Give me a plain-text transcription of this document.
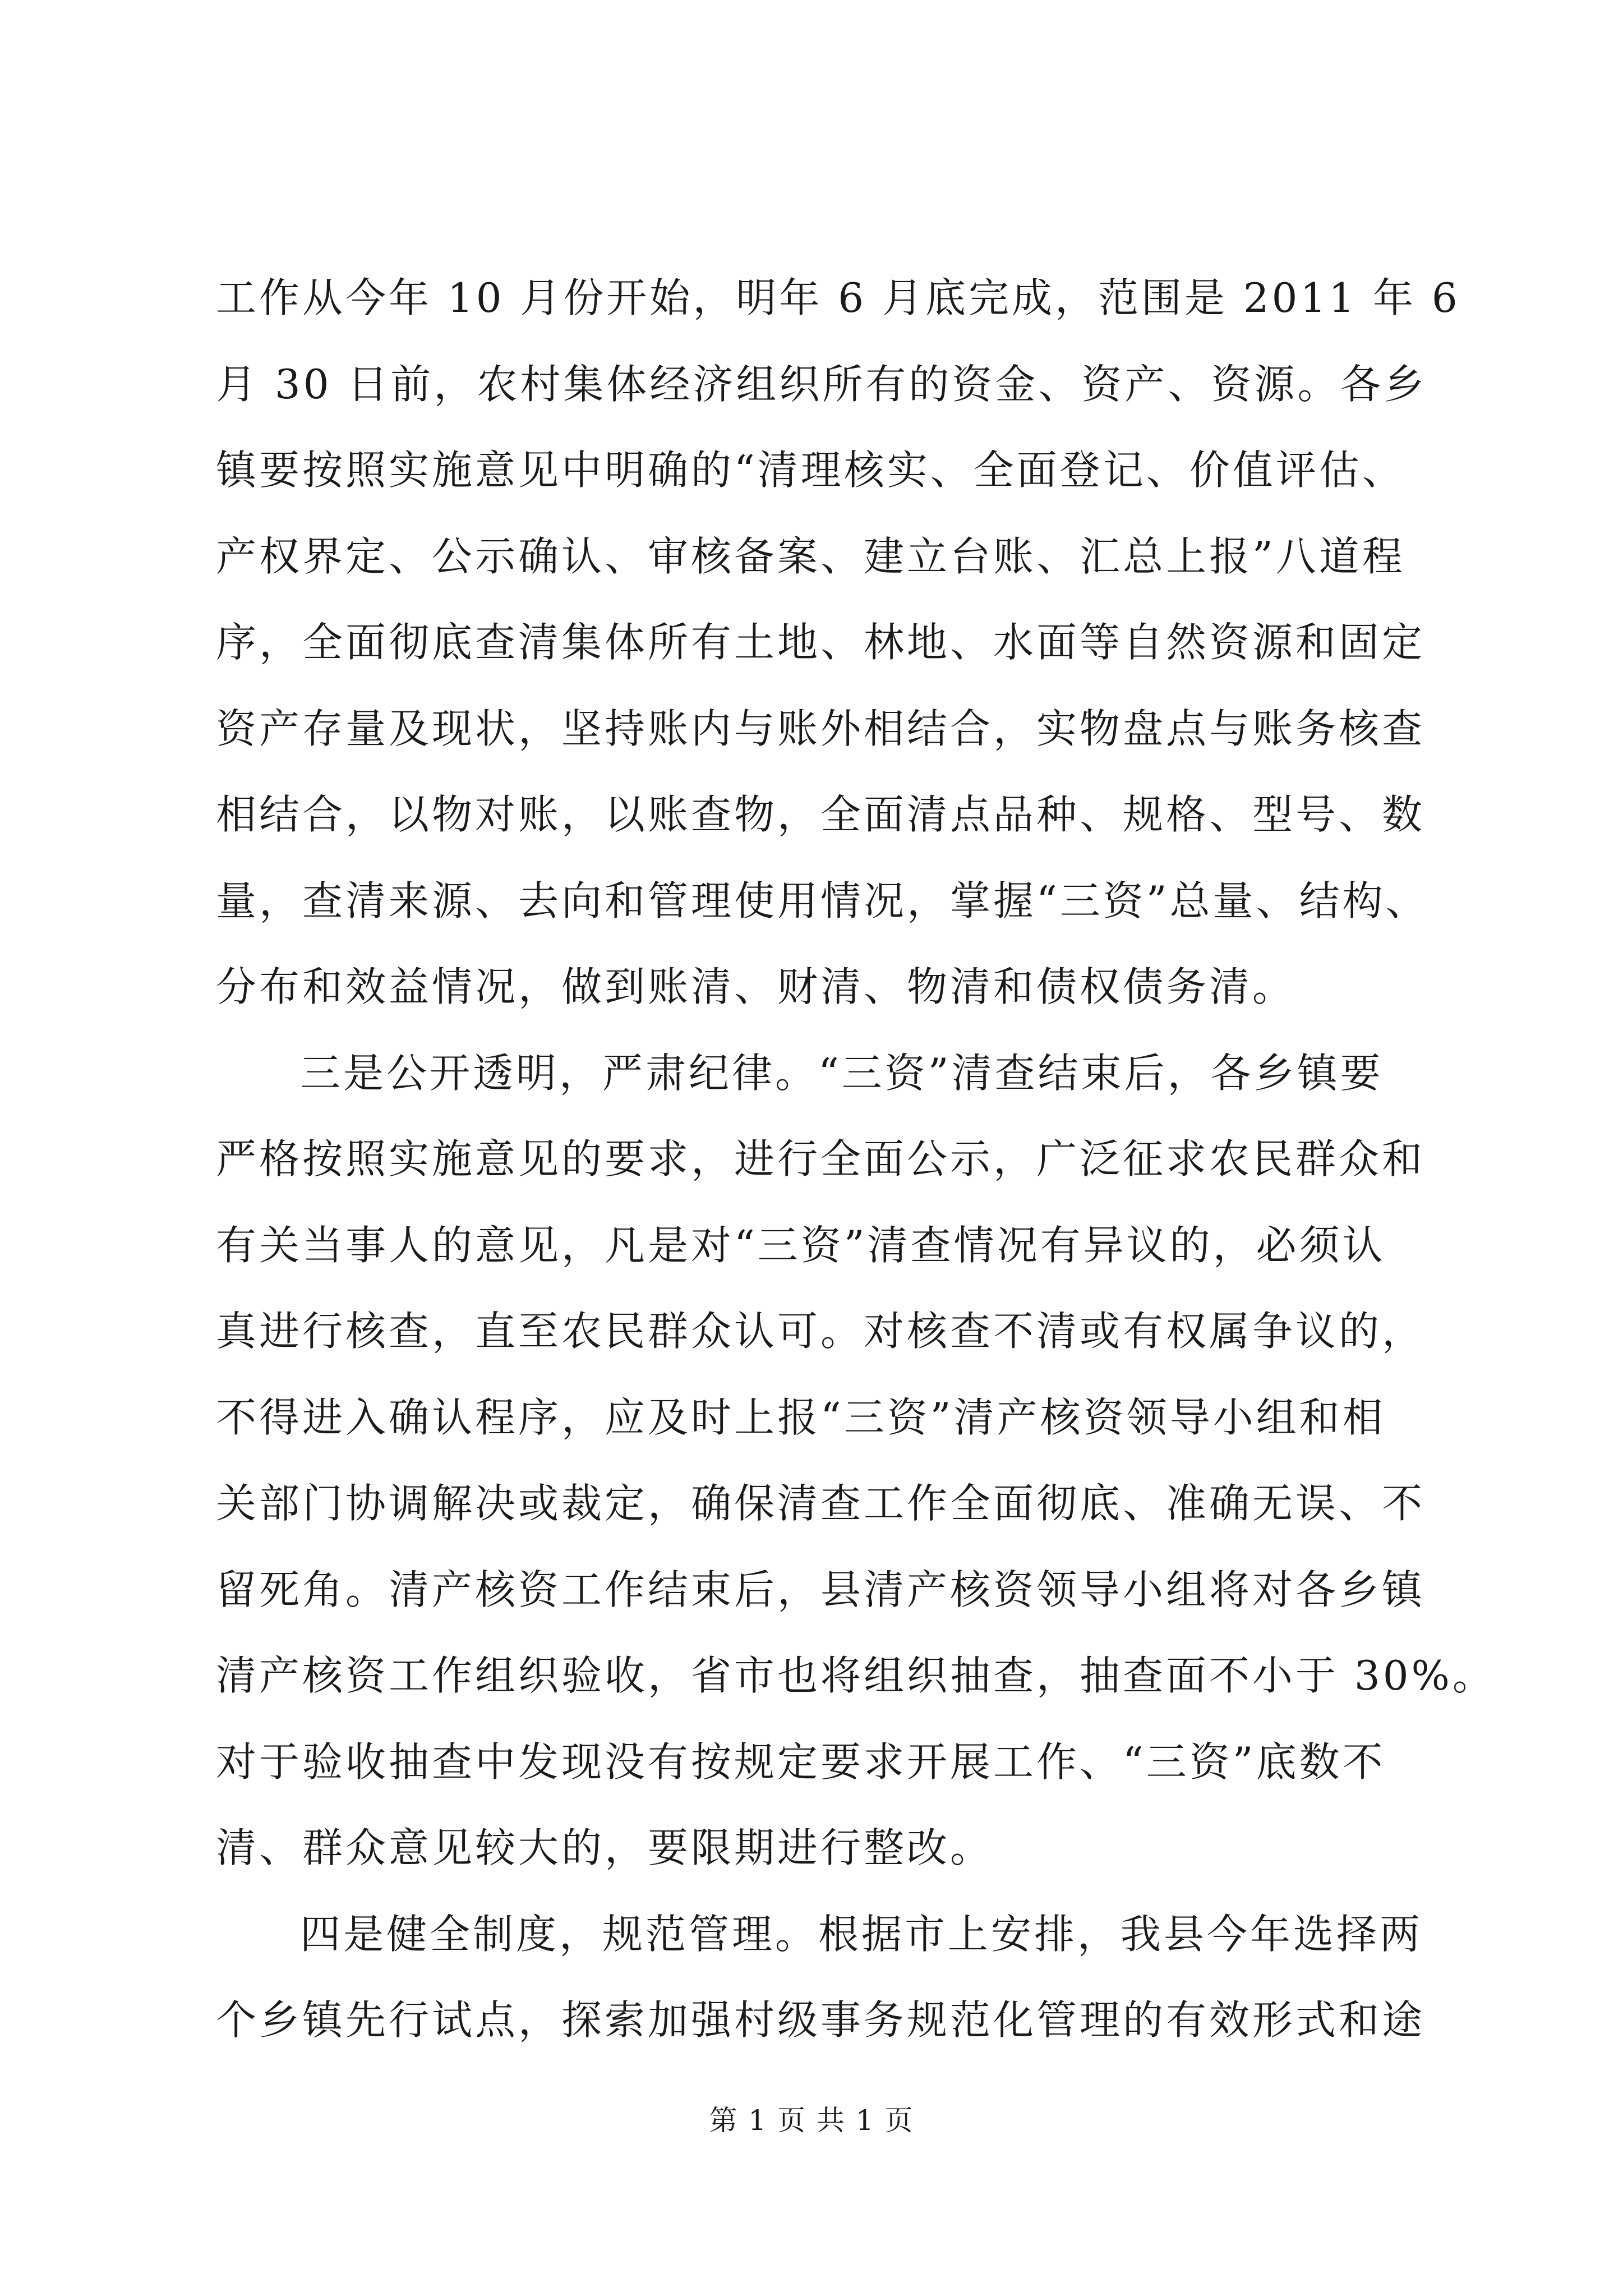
工作从今年 10 月份开始，明年 6 月底完成，范围是 2011 年 6
月 30 日前，农村集体经济组织所有的资金、资产、资源。各乡
镇要按照实施意见中明确的“清理核实、全面登记、价值评估、
产权界定、公示确认、审核备案、建立台账、汇总上报”八道程
序，全面彻底查清集体所有土地、林地、水面等自然资源和固定
资产存量及现状，坚持账内与账外相结合，实物盘点与账务核查
相结合，以物对账，以账查物，全面清点品种、规格、型号、数
量，查清来源、去向和管理使用情况，掌握“三资”总量、结构、
分布和效益情况，做到账清、财清、物清和债权债务清。
三是公开透明，严肃纪律。“三资”清查结束后，各乡镇要
严格按照实施意见的要求，进行全面公示，广泛征求农民群众和
有关当事人的意见，凡是对“三资”清查情况有异议的，必须认
真进行核查，直至农民群众认可。对核查不清或有权属争议的，
不得进入确认程序，应及时上报“三资”清产核资领导小组和相
关部门协调解决或裁定，确保清查工作全面彻底、准确无误、不
留死角。清产核资工作结束后，县清产核资领导小组将对各乡镇
清产核资工作组织验收，省市也将组织抽查，抽查面不小于 30%。
对于验收抽查中发现没有按规定要求开展工作、“三资”底数不
清、群众意见较大的，要限期进行整改。
四是健全制度，规范管理。根据市上安排，我县今年选择两
个乡镇先行试点，探索加强村级事务规范化管理的有效形式和途
第 1 页 共 1 页
